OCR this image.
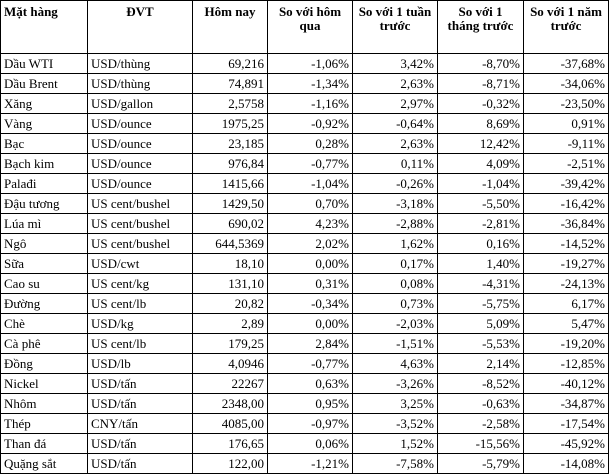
Mặt hàng	ĐVT	Hôm nay	So với hôm qua	So với 1 tuần trước	So với 1 tháng trước	So với 1 năm trước
Dầu WTI	USD/thùng	69,216	-1,06%	3,42%	-8,70%	-37,68%
Dầu Brent	USD/thùng	74,891	-1,34%	2,63%	-8,71%	-34,06%
Xăng	USD/gallon	2,5758	-1,16%	2,97%	-0,32%	-23,50%
Vàng	USD/ounce	1975,25	-0,92%	-0,64%	8,69%	0,91%
Bạc	USD/ounce	23,185	0,28%	2,63%	12,42%	-9,11%
Bạch kim	USD/ounce	976,84	-0,77%	0,11%	4,09%	-2,51%
Palađi	USD/ounce	1415,66	-1,04%	-0,26%	-1,04%	-39,42%
Đậu tương	US cent/bushel	1429,50	0,70%	-3,18%	-5,50%	-16,42%
Lúa mì	US cent/bushel	690,02	4,23%	-2,88%	-2,81%	-36,84%
Ngô	US cent/bushel	644,5369	2,02%	1,62%	0,16%	-14,52%
Sữa	USD/cwt	18,10	0,00%	0,17%	1,40%	-19,27%
Cao su	US cent/kg	131,10	0,31%	0,08%	-4,31%	-24,13%
Đường	US cent/lb	20,82	-0,34%	0,73%	-5,75%	6,17%
Chè	USD/kg	2,89	0,00%	-2,03%	5,09%	5,47%
Cà phê	US cent/lb	179,25	2,84%	-1,51%	-5,53%	-19,20%
Đồng	USD/lb	4,0946	-0,77%	4,63%	2,14%	-12,85%
Nickel	USD/tấn	22267	0,63%	-3,26%	-8,52%	-40,12%
Nhôm	USD/tấn	2348,00	0,95%	3,25%	-0,63%	-34,87%
Thép	CNY/tấn	4085,00	-0,97%	-3,52%	-2,58%	-17,54%
Than đá	USD/tấn	176,65	0,06%	1,52%	-15,56%	-45,92%
Quặng sắt	USD/tấn	122,00	-1,21%	-7,58%	-5,79%	-14,08%
